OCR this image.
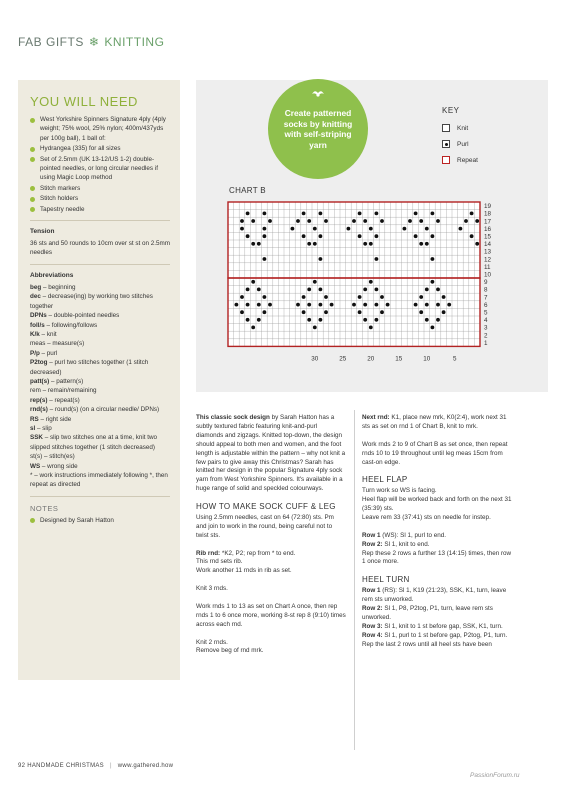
FAB GIFTS ❄ KNITTING
YOU WILL NEED
West Yorkshire Spinners Signature 4ply (4ply weight; 75% wool, 25% nylon; 400m/437yds per 100g ball), 1 ball of:
Hydrangea (335) for all sizes
Set of 2.5mm (UK 13-12/US 1-2) double-pointed needles, or long circular needles if using Magic Loop method
Stitch markers
Stitch holders
Tapestry needle
Tension
36 sts and 50 rounds to 10cm over st st on 2.5mm needles
Abbreviations
beg – beginning
dec – decrease(ing) by working two stitches together
DPNs – double-pointed needles
foll/s – following/follows
K/k – knit
meas – measure(s)
P/p – purl
P2tog – purl two stitches together (1 stitch decreased)
patt(s) – pattern(s)
rem – remain/remaining
rep(s) – repeat(s)
rnd(s) – round(s) (on a circular needle/ DPNs)
RS – right side
sl – slip
SSK – slip two stitches one at a time, knit two slipped stitches together (1 stitch decreased)
st(s) – stitch(es)
WS – wrong side
* – work instructions immediately following *, then repeat as directed
NOTES
Designed by Sarah Hatton
Create patterned socks by knitting with self-striping yarn
KEY
Knit
Purl
Repeat
CHART B
19
18
17
16
15
14
13
12
11
10
9
8
7
6
5
4
3
2
1
30	25	20	15	10	5

This classic sock design by Sarah Hatton has a subtly textured fabric featuring knit-and-purl diamonds and zigzags. Knitted top-down, the design should appeal to both men and women, and the foot length is adjustable within the pattern – why not knit a few pairs to give away this Christmas? Sarah has knitted her design in the popular Signature 4ply sock yarn from West Yorkshire Spinners. It's available in a huge range of solid and speckled colourways.

HOW TO MAKE SOCK CUFF & LEG

Using 2.5mm needles, cast on 64 (72:80) sts. Pm and join to work in the round, being careful not to twist sts.

Rib rnd: *K2, P2; rep from * to end.
This rnd sets rib.

Work another 11 rnds in rib as set.

Knit 3 rnds.

Work rnds 1 to 13 as set on Chart A once, then rep rnds 1 to 6 once more, working 8-st rep 8 (9:10) times across each rnd.

Knit 2 rnds.
Remove beg of rnd mrk.

Next rnd: K1, place new mrk, K0(2:4), work next 31 sts as set on rnd 1 of Chart B, knit to mrk.

Work rnds 2 to 9 of Chart B as set once, then repeat rnds 10 to 19 throughout until leg meas 15cm from cast-on edge.

HEEL FLAP
Turn work so WS is facing.
Heel flap will be worked back and forth on the next 31 (35:39) sts.

Leave rem 33 (37:41) sts on needle for instep.

Row 1 (WS): Sl 1, purl to end.
Row 2: Sl 1, knit to end.

Rep these 2 rows a further 13 (14:15) times, then row 1 once more.

HEEL TURN
Row 1 (RS): Sl 1, K19 (21:23), SSK, K1, turn, leave rem sts unworked.
Row 2: Sl 1, P8, P2tog, P1, turn, leave rem sts unworked.
Row 3: Sl 1, knit to 1 st before gap, SSK, K1, turn.
Row 4: Sl 1, purl to 1 st before gap, P2tog, P1, turn.
Rep the last 2 rows until all heel sts have been
92 HANDMADE CHRISTMAS | www.gathered.how
PassionForum.ru
